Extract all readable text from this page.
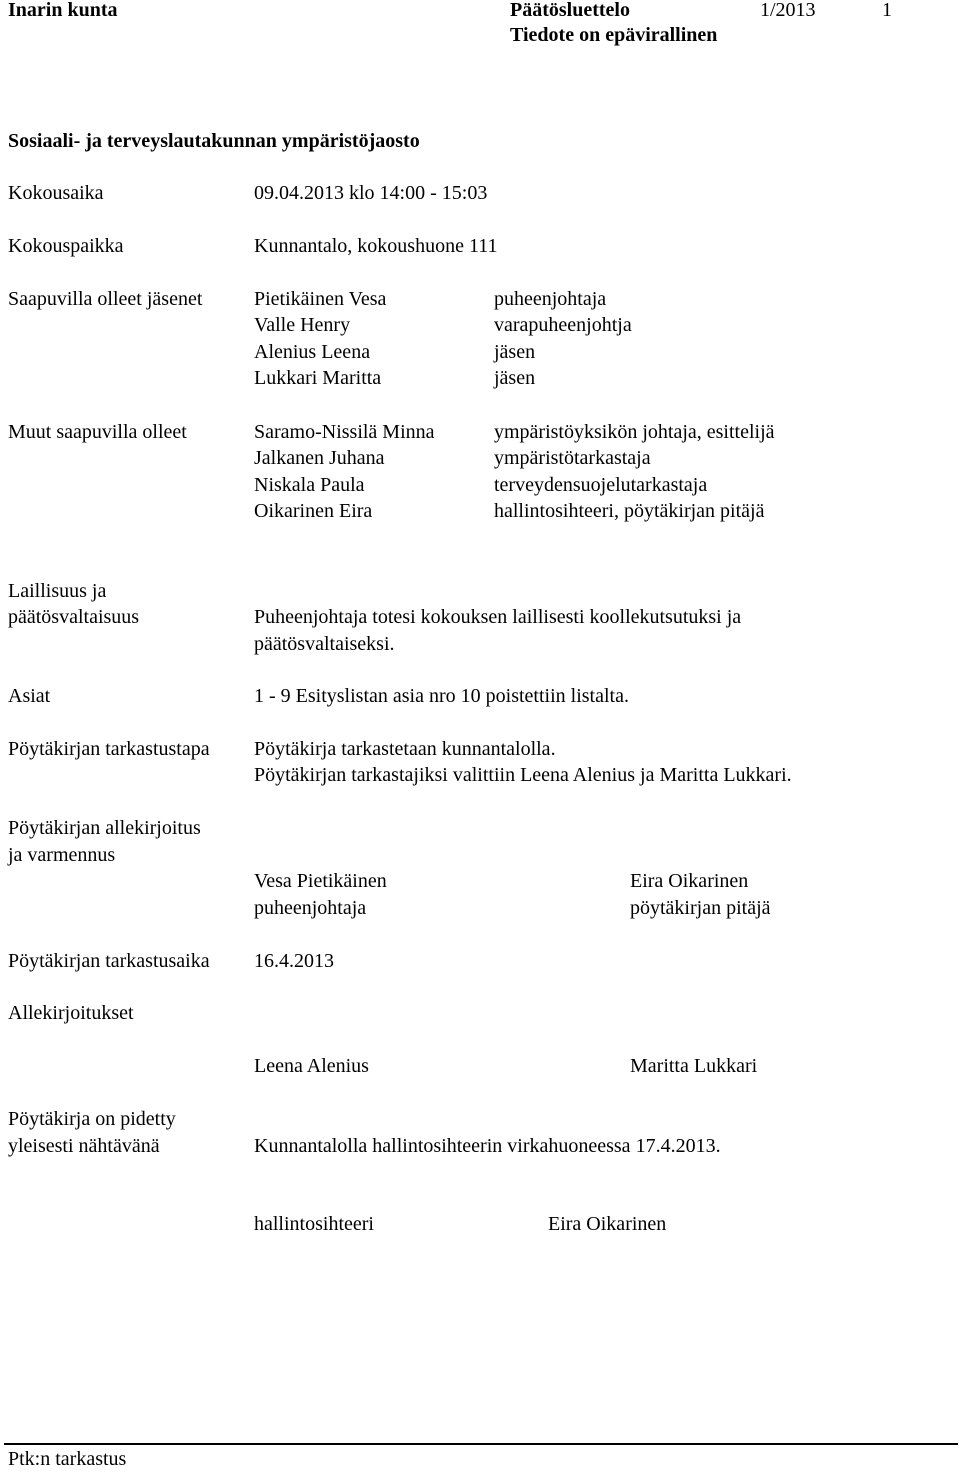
Inarin kunta	Päätösluettelo	1/2013	1
Tiedote on epävirallinen
Sosiaali- ja terveyslautakunnan ympäristöjaosto
Kokousaika	09.04.2013 klo 14:00 - 15:03
Kokouspaikka	Kunnantalo, kokoushuone 111
Saapuvilla olleet jäsenet	Pietikäinen Vesa	puheenjohtaja
Valle Henry	varapuheenjohtja
Alenius Leena	jäsen
Lukkari Maritta	jäsen
Muut saapuvilla olleet	Saramo-Nissilä Minna	ympäristöyksikön johtaja, esittelijä
Jalkanen Juhana	ympäristötarkastaja
Niskala Paula	terveydensuojelutarkastaja
Oikarinen Eira	hallintosihteeri, pöytäkirjan pitäjä
Laillisuus ja
päätösvaltaisuus	Puheenjohtaja totesi kokouksen laillisesti koollekutsutuksi ja
päätösvaltaiseksi.
Asiat	1 - 9 Esityslistan asia nro 10 poistettiin listalta.
Pöytäkirjan tarkastustapa Pöytäkirja tarkastetaan kunnantalolla.
Pöytäkirjan tarkastajiksi valittiin Leena Alenius ja Maritta Lukkari.
Pöytäkirjan allekirjoitus
ja varmennus
Vesa Pietikäinen	Eira Oikarinen
puheenjohtaja	pöytäkirjan pitäjä
Pöytäkirjan tarkastusaika 16.4.2013
Allekirjoitukset
Leena Alenius	Maritta Lukkari
Pöytäkirja on pidetty
yleisesti nähtävänä	Kunnantalolla hallintosihteerin virkahuoneessa 17.4.2013.
hallintosihteeri	Eira Oikarinen
Ptk:n tarkastus
